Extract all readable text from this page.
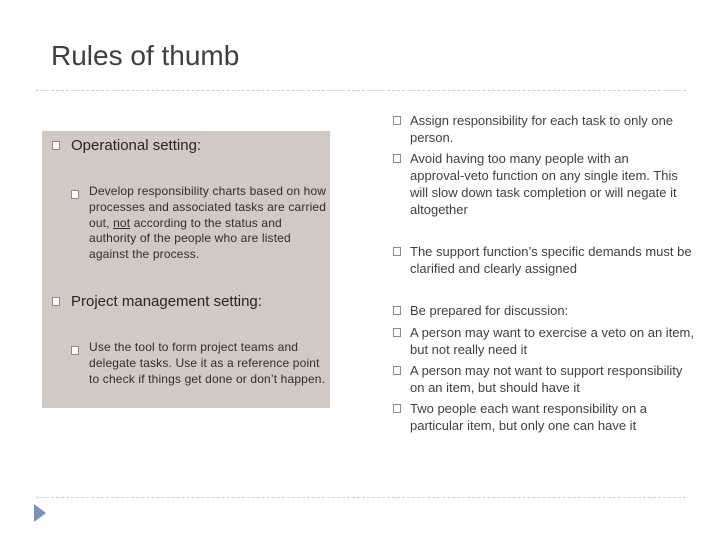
Rules of thumb
Operational setting:
Develop responsibility charts based on how processes and associated tasks are carried out, not according to the status and authority of the people who are listed against the process.
Project management setting:
Use the tool to form project teams and delegate tasks. Use it as a reference point to check if things get done or don’t happen.
Assign responsibility for each task to only one person.
Avoid having too many people with an approval-veto function on any single item. This will slow down task completion or will negate it altogether
The support function’s specific demands must be clarified and clearly assigned
Be prepared for discussion:
A person may want to exercise a veto on an item, but not really need it
A person may not want to support responsibility on an item, but should have it
Two people each want responsibility on a particular item, but only one can have it
